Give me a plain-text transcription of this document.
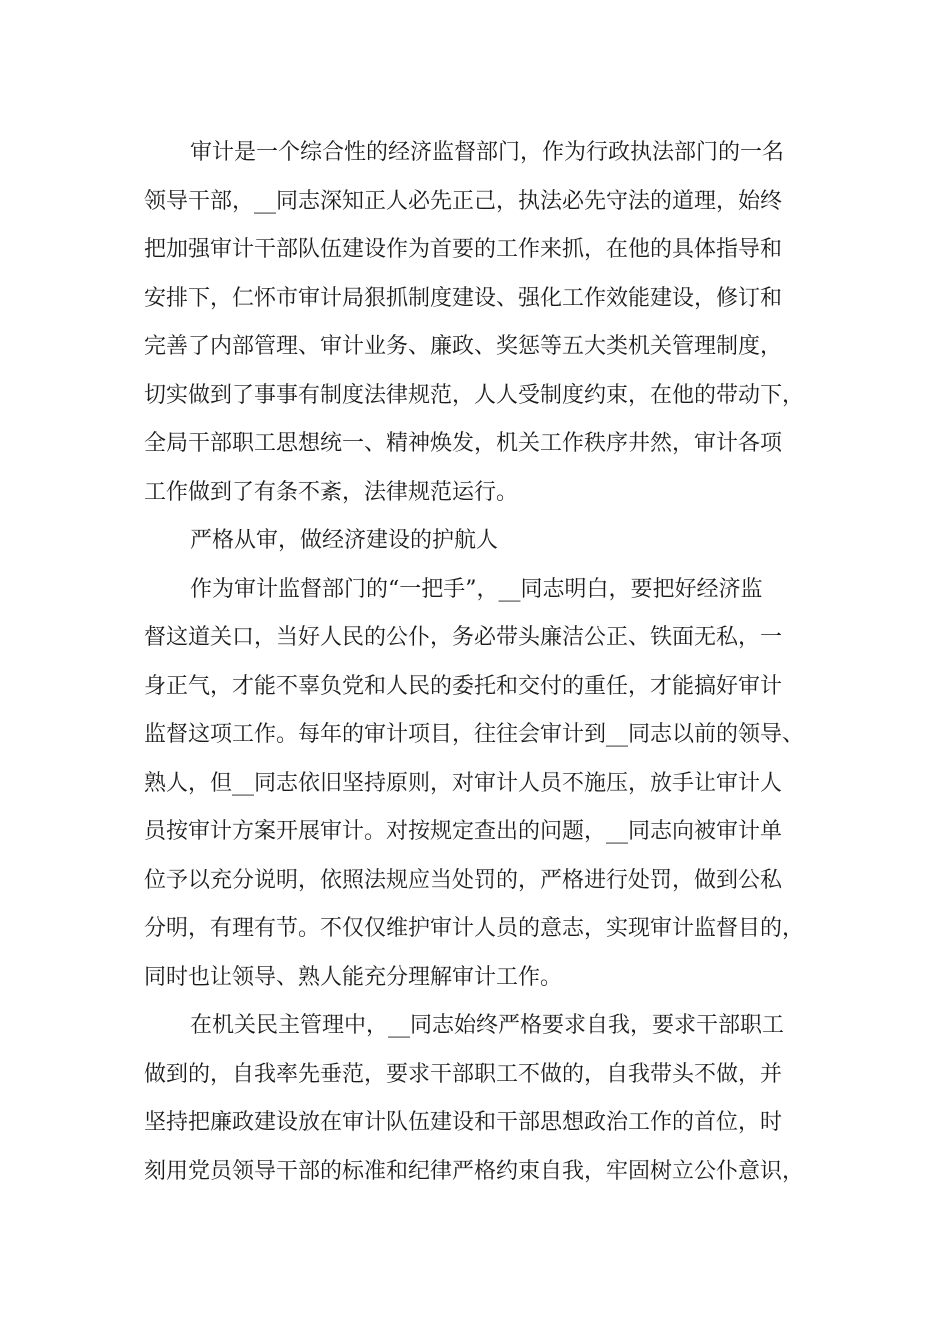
审计是一个综合性的经济监督部门，作为行政执法部门的一名
领导干部，__同志深知正人必先正己，执法必先守法的道理，始终
把加强审计干部队伍建设作为首要的工作来抓，在他的具体指导和
安排下，仁怀市审计局狠抓制度建设、强化工作效能建设，修订和
完善了内部管理、审计业务、廉政、奖惩等五大类机关管理制度，
切实做到了事事有制度法律规范，人人受制度约束，在他的带动下，
全局干部职工思想统一、精神焕发，机关工作秩序井然，审计各项
工作做到了有条不紊，法律规范运行。
严格从审，做经济建设的护航人
作为审计监督部门的“一把手”，__同志明白，要把好经济监
督这道关口，当好人民的公仆，务必带头廉洁公正、铁面无私，一
身正气，才能不辜负党和人民的委托和交付的重任，才能搞好审计
监督这项工作。每年的审计项目，往往会审计到__同志以前的领导、
熟人，但__同志依旧坚持原则，对审计人员不施压，放手让审计人
员按审计方案开展审计。对按规定查出的问题，__同志向被审计单
位予以充分说明，依照法规应当处罚的，严格进行处罚，做到公私
分明，有理有节。不仅仅维护审计人员的意志，实现审计监督目的，
同时也让领导、熟人能充分理解审计工作。
在机关民主管理中，__同志始终严格要求自我，要求干部职工
做到的，自我率先垂范，要求干部职工不做的，自我带头不做，并
坚持把廉政建设放在审计队伍建设和干部思想政治工作的首位，时
刻用党员领导干部的标准和纪律严格约束自我，牢固树立公仆意识，
